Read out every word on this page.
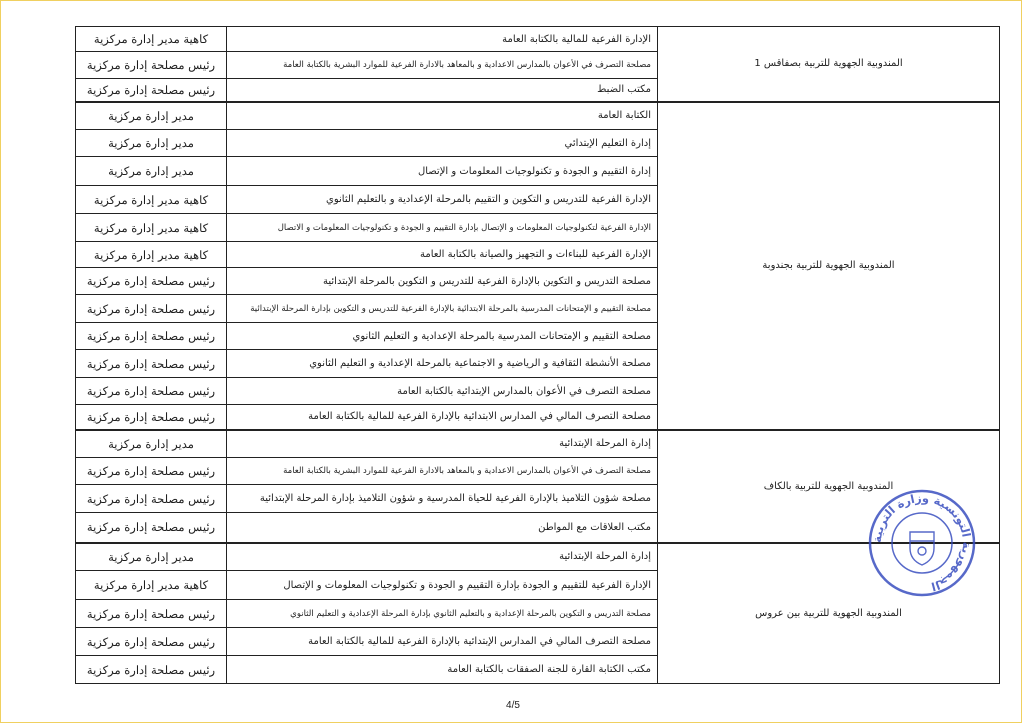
كاهية مدير إدارة مركزية	الإدارة الفرعية للمالية بالكتابة العامة	المندوبية الجهوية للتربية بصفاقس 1
رئيس مصلحة إدارة مركزية	مصلحة التصرف في الأعوان بالمدارس الاعدادية و بالمعاهد بالادارة الفرعية للموارد البشرية بالكتابة العامة	
رئيس مصلحة إدارة مركزية	مكتب الضبط	
مدير إدارة مركزية	الكتابة العامة	المندوبية الجهوية للتربية بجندوبة
مدير إدارة مركزية	إدارة التعليم الإبتدائي	
مدير إدارة مركزية	إدارة التقييم و الجودة و تكنولوجيات المعلومات و الإتصال	
كاهية مدير إدارة مركزية	الإدارة الفرعية للتدريس و التكوين و التقييم بالمرحلة الإعدادية و بالتعليم الثانوي	
كاهية مدير إدارة مركزية	الإدارة الفرعية لتكنولوجيات المعلومات و الإتصال بإدارة التقييم و الجودة و تكنولوجيات المعلومات و الاتصال	
كاهية مدير إدارة مركزية	الإدارة الفرعية للبناءات و التجهيز والصيانة بالكتابة العامة	
رئيس مصلحة إدارة مركزية	مصلحة التدريس و التكوين بالإدارة الفرعية للتدريس و التكوين بالمرحلة الإبتدائية	
رئيس مصلحة إدارة مركزية	مصلحة التقييم و الإمتحانات المدرسية بالمرحلة الابتدائية بالإدارة الفرعية للتدريس و التكوين بإدارة المرحلة الإبتدائية	
رئيس مصلحة إدارة مركزية	مصلحة التقييم و الإمتحانات المدرسية بالمرحلة الإعدادية و التعليم الثانوي	
رئيس مصلحة إدارة مركزية	مصلحة الأنشطة الثقافية و الرياضية و الاجتماعية بالمرحلة الإعدادية و التعليم الثانوي	
رئيس مصلحة إدارة مركزية	مصلحة التصرف في الأعوان بالمدارس الإبتدائية بالكتابة العامة	
رئيس مصلحة إدارة مركزية	مصلحة التصرف المالي في المدارس الابتدائية بالإدارة الفرعية للمالية بالكتابة العامة	
مدير إدارة مركزية	إدارة المرحلة الإبتدائية	المندوبية الجهوية للتربية بالكاف
رئيس مصلحة إدارة مركزية	مصلحة التصرف في الأعوان بالمدارس الاعدادية و بالمعاهد بالادارة الفرعية للموارد البشرية بالكتابة العامة	
رئيس مصلحة إدارة مركزية	مصلحة شؤون التلاميذ بالإدارة الفرعية للحياة المدرسية و شؤون التلاميذ بإدارة المرحلة الإبتدائية	
رئيس مصلحة إدارة مركزية	مكتب العلاقات مع المواطن	
مدير إدارة مركزية	إدارة المرحلة الإبتدائية	المندوبية الجهوية للتربية بين عروس
كاهية مدير إدارة مركزية	الإدارة الفرعية للتقييم و الجودة بإدارة التقييم و الجودة و تكنولوجيات المعلومات و الإتصال	
رئيس مصلحة إدارة مركزية	مصلحة التدريس و التكوين بالمرحلة الإعدادية و بالتعليم الثانوي بإدارة المرحلة الإعدادية و التعليم الثانوي	
رئيس مصلحة إدارة مركزية	مصلحة التصرف المالي في المدارس الإبتدائية بالإدارة الفرعية للمالية بالكتابة العامة	
رئيس مصلحة إدارة مركزية	مكتب الكتابة القارة للجنة الصفقات بالكتابة العامة	
الجمهورية التونسية وزارة التربية
4/5
